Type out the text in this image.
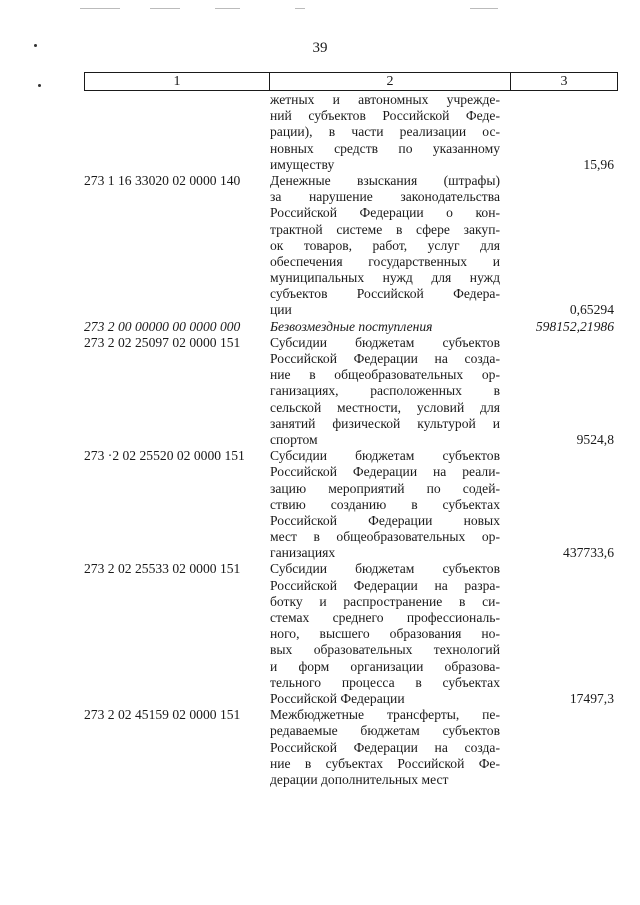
39
1	2	3
жетных и автономных учрежде-
ний субъектов Российской Феде-
рации), в части реализации ос-
новных средств по указанному
имуществу	15,96
273 1 16 33020 02 0000 140	Денежные взыскания (штрафы)
за нарушение законодательства
Российской Федерации о кон-
трактной системе в сфере закуп-
ок товаров, работ, услуг для
обеспечения государственных и
муниципальных нужд для нужд
субъектов Российской Федера-
ции	0,65294
273 2 00 00000 00 0000 000	Безвозмездные поступления	598152,21986
273 2 02 25097 02 0000 151	Субсидии бюджетам субъектов
Российской Федерации на созда-
ние в общеобразовательных ор-
ганизациях, расположенных в
сельской местности, условий для
занятий физической культурой и
спортом	9524,8
273 ·2 02 25520 02 0000 151	Субсидии бюджетам субъектов
Российской Федерации на реали-
зацию мероприятий по содей-
ствию созданию в субъектах
Российской Федерации новых
мест в общеобразовательных ор-
ганизациях	437733,6
273 2 02 25533 02 0000 151	Субсидии бюджетам субъектов
Российской Федерации на разра-
ботку и распространение в си-
стемах среднего профессиональ-
ного, высшего образования но-
вых образовательных технологий
и форм организации образова-
тельного процесса в субъектах
Российской Федерации	17497,3
273 2 02 45159 02 0000 151	Межбюджетные трансферты, пе-
редаваемые бюджетам субъектов
Российской Федерации на созда-
ние в субъектах Российской Фе-
дерации дополнительных мест
